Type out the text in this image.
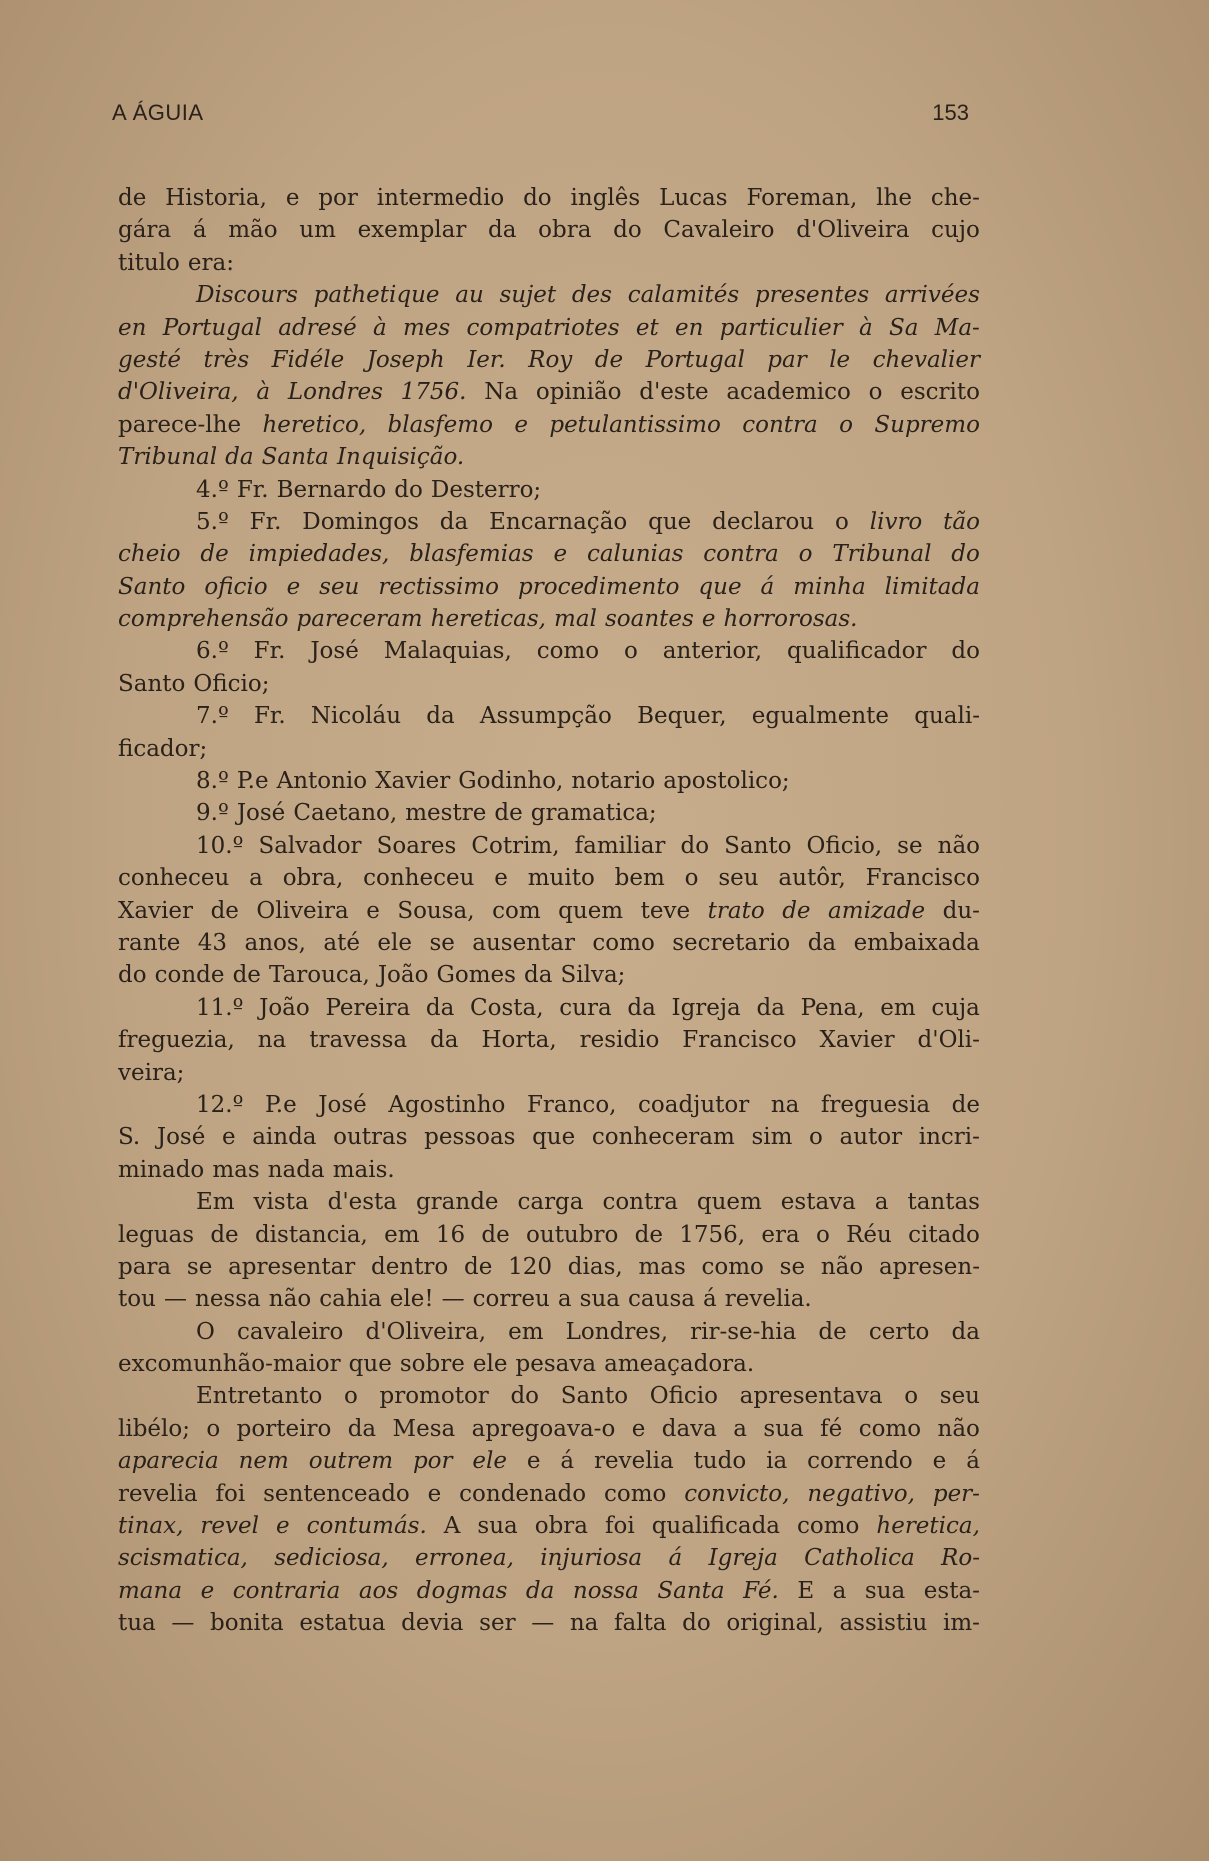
A ÁGUIA	153
de Historia, e por intermedio do inglês Lucas Foreman, lhe che-
gára á mão um exemplar da obra do Cavaleiro d'Oliveira cujo
titulo era:
Discours pathetique au sujet des calamités presentes arrivées
en Portugal adresé à mes compatriotes et en particulier à Sa Ma-
gesté très Fidéle Joseph Ier. Roy de Portugal par le chevalier
d'Oliveira, à Londres 1756. Na opinião d'este academico o escrito
parece-lhe heretico, blasfemo e petulantissimo contra o Supremo
Tribunal da Santa Inquisição.
4.º Fr. Bernardo do Desterro;
5.º Fr. Domingos da Encarnação que declarou o livro tão
cheio de impiedades, blasfemias e calunias contra o Tribunal do
Santo oficio e seu rectissimo procedimento que á minha limitada
comprehensão pareceram hereticas, mal soantes e horrorosas.
6.º Fr. José Malaquias, como o anterior, qualificador do
Santo Oficio;
7.º Fr. Nicoláu da Assumpção Bequer, egualmente quali-
ficador;
8.º P.e Antonio Xavier Godinho, notario apostolico;
9.º José Caetano, mestre de gramatica;
10.º Salvador Soares Cotrim, familiar do Santo Oficio, se não
conheceu a obra, conheceu e muito bem o seu autôr, Francisco
Xavier de Oliveira e Sousa, com quem teve trato de amizade du-
rante 43 anos, até ele se ausentar como secretario da embaixada
do conde de Tarouca, João Gomes da Silva;
11.º João Pereira da Costa, cura da Igreja da Pena, em cuja
freguezia, na travessa da Horta, residio Francisco Xavier d'Oli-
veira;
12.º P.e José Agostinho Franco, coadjutor na freguesia de
S. José e ainda outras pessoas que conheceram sim o autor incri-
minado mas nada mais.
Em vista d'esta grande carga contra quem estava a tantas
leguas de distancia, em 16 de outubro de 1756, era o Réu citado
para se apresentar dentro de 120 dias, mas como se não apresen-
tou — nessa não cahia ele! — correu a sua causa á revelia.
O cavaleiro d'Oliveira, em Londres, rir-se-hia de certo da
excomunhão-maior que sobre ele pesava ameaçadora.
Entretanto o promotor do Santo Oficio apresentava o seu
libélo; o porteiro da Mesa apregoava-o e dava a sua fé como não
aparecia nem outrem por ele e á revelia tudo ia correndo e á
revelia foi sentenceado e condenado como convicto, negativo, per-
tinax, revel e contumás. A sua obra foi qualificada como heretica,
scismatica, sediciosa, erronea, injuriosa á Igreja Catholica Ro-
mana e contraria aos dogmas da nossa Santa Fé. E a sua esta-
tua — bonita estatua devia ser — na falta do original, assistiu im-
